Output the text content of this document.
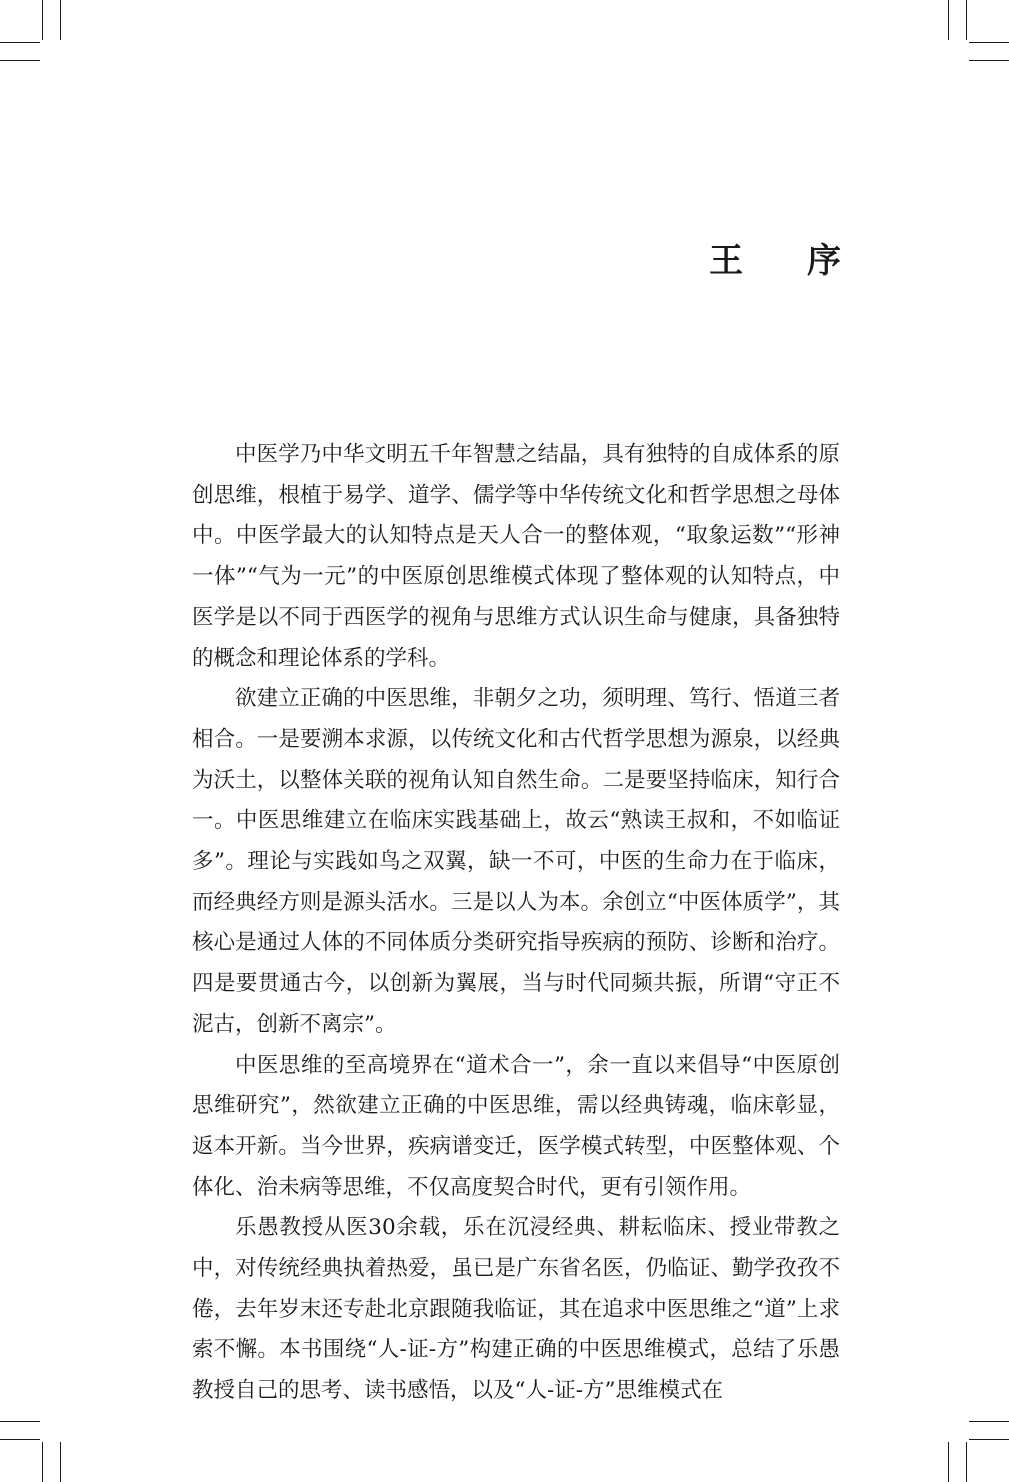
王 序

中医学乃中华文明五千年智慧之结晶，具有独特的自成体系的原创思维，根植于易学、道学、儒学等中华传统文化和哲学思想之母体中。中医学最大的认知特点是天人合一的整体观，“取象运数”“形神一体”“气为一元”的中医原创思维模式体现了整体观的认知特点，中医学是以不同于西医学的视角与思维方式认识生命与健康，具备独特的概念和理论体系的学科。

欲建立正确的中医思维，非朝夕之功，须明理、笃行、悟道三者相合。一是要溯本求源，以传统文化和古代哲学思想为源泉，以经典为沃土，以整体关联的视角认知自然生命。二是要坚持临床，知行合一。中医思维建立在临床实践基础上，故云“熟读王叔和，不如临证多”。理论与实践如鸟之双翼，缺一不可，中医的生命力在于临床，而经典经方则是源头活水。三是以人为本。余创立“中医体质学”，其核心是通过人体的不同体质分类研究指导疾病的预防、诊断和治疗。四是要贯通古今，以创新为翼展，当与时代同频共振，所谓“守正不泥古，创新不离宗”。

中医思维的至高境界在“道术合一”，余一直以来倡导“中医原创思维研究”，然欲建立正确的中医思维，需以经典铸魂，临床彰显，返本开新。当今世界，疾病谱变迁，医学模式转型，中医整体观、个体化、治未病等思维，不仅高度契合时代，更有引领作用。

乐愚教授从医30余载，乐在沉浸经典、耕耘临床、授业带教之中，对传统经典执着热爱，虽已是广东省名医，仍临证、勤学孜孜不倦，去年岁末还专赴北京跟随我临证，其在追求中医思维之“道”上求索不懈。本书围绕“人-证-方”构建正确的中医思维模式，总结了乐愚教授自己的思考、读书感悟，以及“人-证-方”思维模式在
